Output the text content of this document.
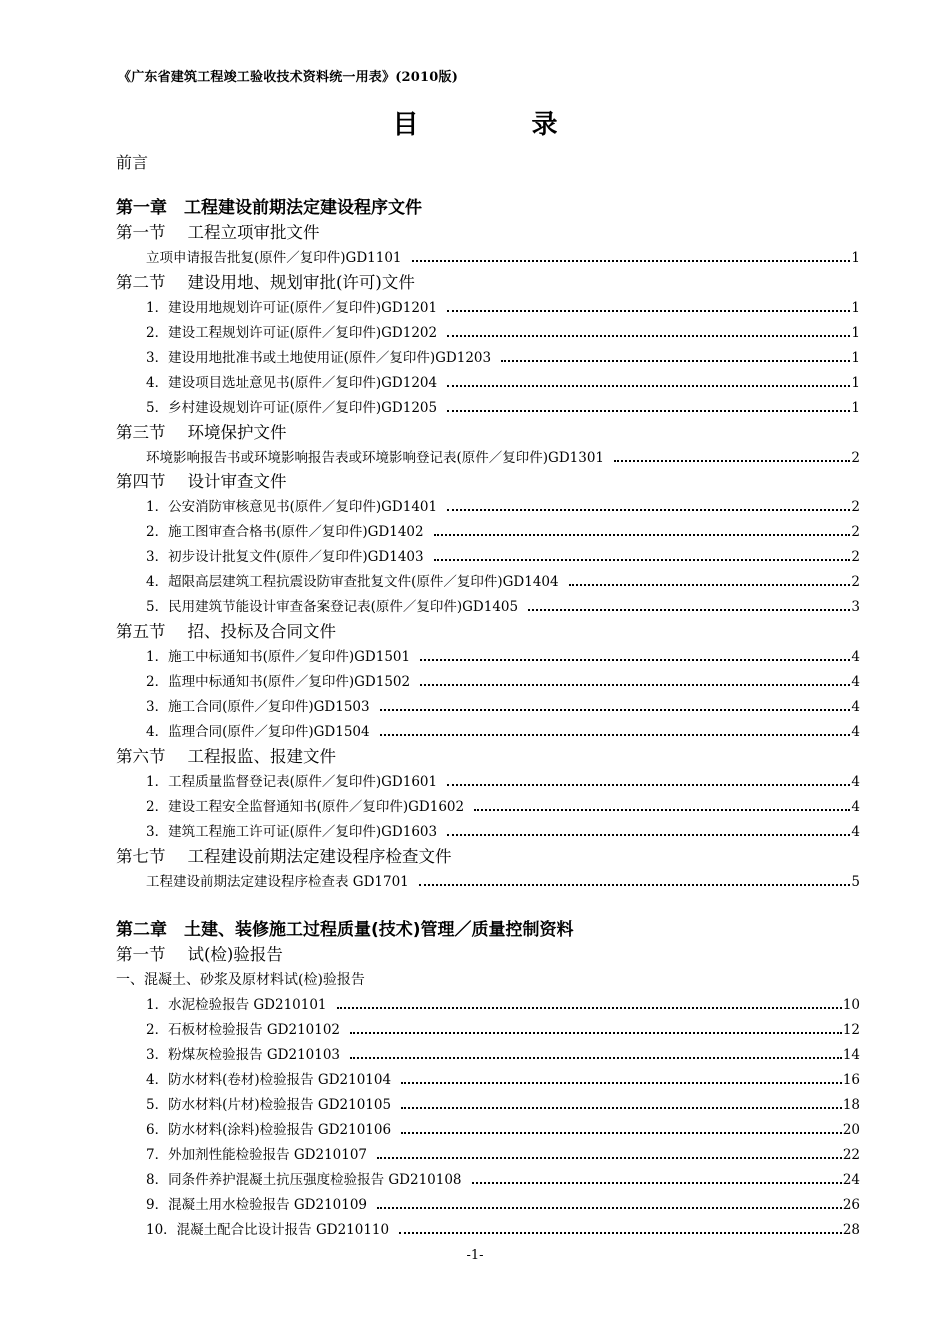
《广东省建筑工程竣工验收技术资料统一用表》(2010版)
目 录
前言
第一章　工程建设前期法定建设程序文件
第一节 工程立项审批文件
立项申请报告批复(原件／复印件)GD1101	1
第二节 建设用地、规划审批(许可)文件
1．建设用地规划许可证(原件／复印件)GD1201	1
2．建设工程规划许可证(原件／复印件)GD1202	1
3．建设用地批准书或土地使用证(原件／复印件)GD1203	1
4．建设项目选址意见书(原件／复印件)GD1204	1
5．乡村建设规划许可证(原件／复印件)GD1205	1
第三节 环境保护文件
环境影响报告书或环境影响报告表或环境影响登记表(原件／复印件)GD1301	2
第四节 设计审查文件
1．公安消防审核意见书(原件／复印件)GD1401	2
2．施工图审查合格书(原件／复印件)GD1402	2
3．初步设计批复文件(原件／复印件)GD1403	2
4．超限高层建筑工程抗震设防审查批复文件(原件／复印件)GD1404	2
5．民用建筑节能设计审查备案登记表(原件／复印件)GD1405	3
第五节 招、投标及合同文件
1．施工中标通知书(原件／复印件)GD1501	4
2．监理中标通知书(原件／复印件)GD1502	4
3．施工合同(原件／复印件)GD1503	4
4．监理合同(原件／复印件)GD1504	4
第六节 工程报监、报建文件
1．工程质量监督登记表(原件／复印件)GD1601	4
2．建设工程安全监督通知书(原件／复印件)GD1602	4
3．建筑工程施工许可证(原件／复印件)GD1603	4
第七节 工程建设前期法定建设程序检查文件
工程建设前期法定建设程序检查表 GD1701	5
第二章　土建、装修施工过程质量(技术)管理／质量控制资料
第一节 试(检)验报告
一、混凝土、砂浆及原材料试(检)验报告
1．水泥检验报告 GD210101	10
2．石板材检验报告 GD210102	12
3．粉煤灰检验报告 GD210103	14
4．防水材料(卷材)检验报告 GD210104	16
5．防水材料(片材)检验报告 GD210105	18
6．防水材料(涂料)检验报告 GD210106	20
7．外加剂性能检验报告 GD210107	22
8．同条件养护混凝土抗压强度检验报告 GD210108	24
9．混凝土用水检验报告 GD210109	26
10．混凝土配合比设计报告 GD210110	28
-1-
